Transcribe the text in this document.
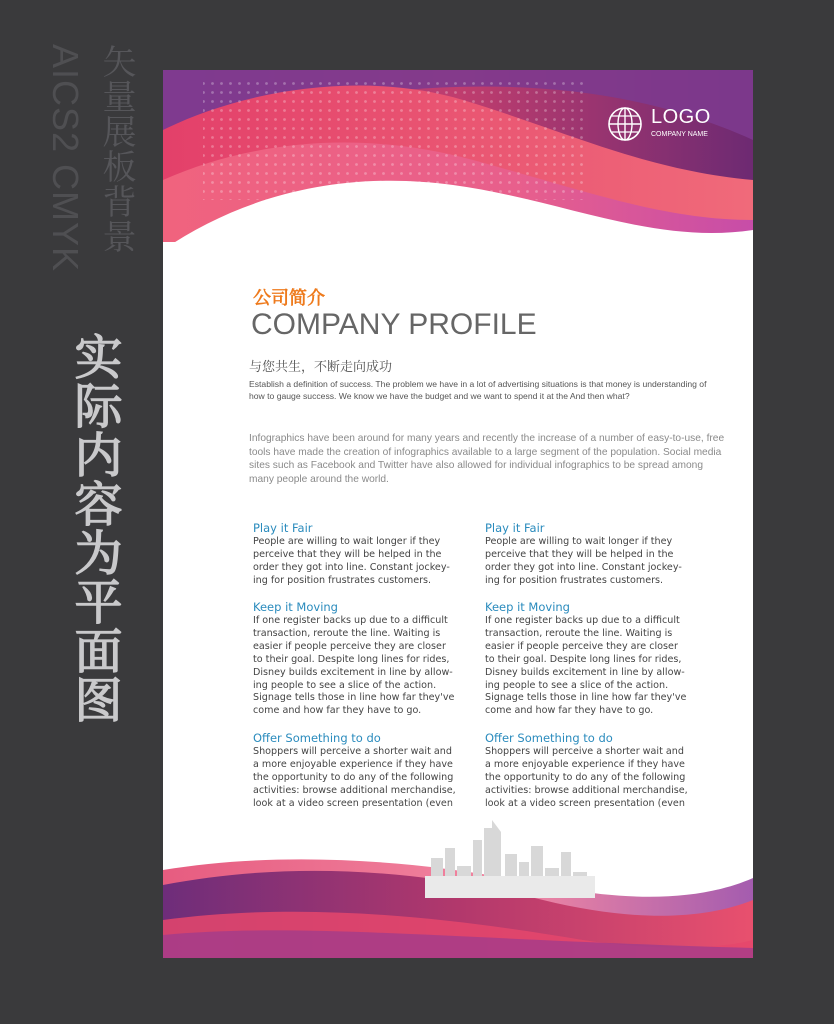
AICS2 CMYK 矢量展板背景
实际内容为平面图
LOGO
COMPANY NAME
公司简介
COMPANY PROFILE
与您共生，不断走向成功
Establish a definition of success. The problem we have in a lot of advertising situations is that money is understanding of how to gauge success. We know we have the budget and we want to spend it at the And then what?
Infographics have been around for many years and recently the increase of a number of easy-to-use, free tools have made the creation of infographics available to a large segment of the population. Social media sites such as Facebook and Twitter have also allowed for individual infographics to be spread among many people around the world.
Play it Fair
People are willing to wait longer if they
perceive that they will be helped in the
order they got into line. Constant jockey-
ing for position frustrates customers.
Keep it Moving
If one register backs up due to a difficult
transaction, reroute the line. Waiting is
easier if people perceive they are closer
to their goal. Despite long lines for rides,
Disney builds excitement in line by allow-
ing people to see a slice of the action.
Signage tells those in line how far they've
come and how far they have to go.
Offer Something to do
Shoppers will perceive a shorter wait and
a more enjoyable experience if they have
the opportunity to do any of the following
activities: browse additional merchandise,
look at a video screen presentation (even
Play it Fair
People are willing to wait longer if they
perceive that they will be helped in the
order they got into line. Constant jockey-
ing for position frustrates customers.
Keep it Moving
If one register backs up due to a difficult
transaction, reroute the line. Waiting is
easier if people perceive they are closer
to their goal. Despite long lines for rides,
Disney builds excitement in line by allow-
ing people to see a slice of the action.
Signage tells those in line how far they've
come and how far they have to go.
Offer Something to do
Shoppers will perceive a shorter wait and
a more enjoyable experience if they have
the opportunity to do any of the following
activities: browse additional merchandise,
look at a video screen presentation (even
